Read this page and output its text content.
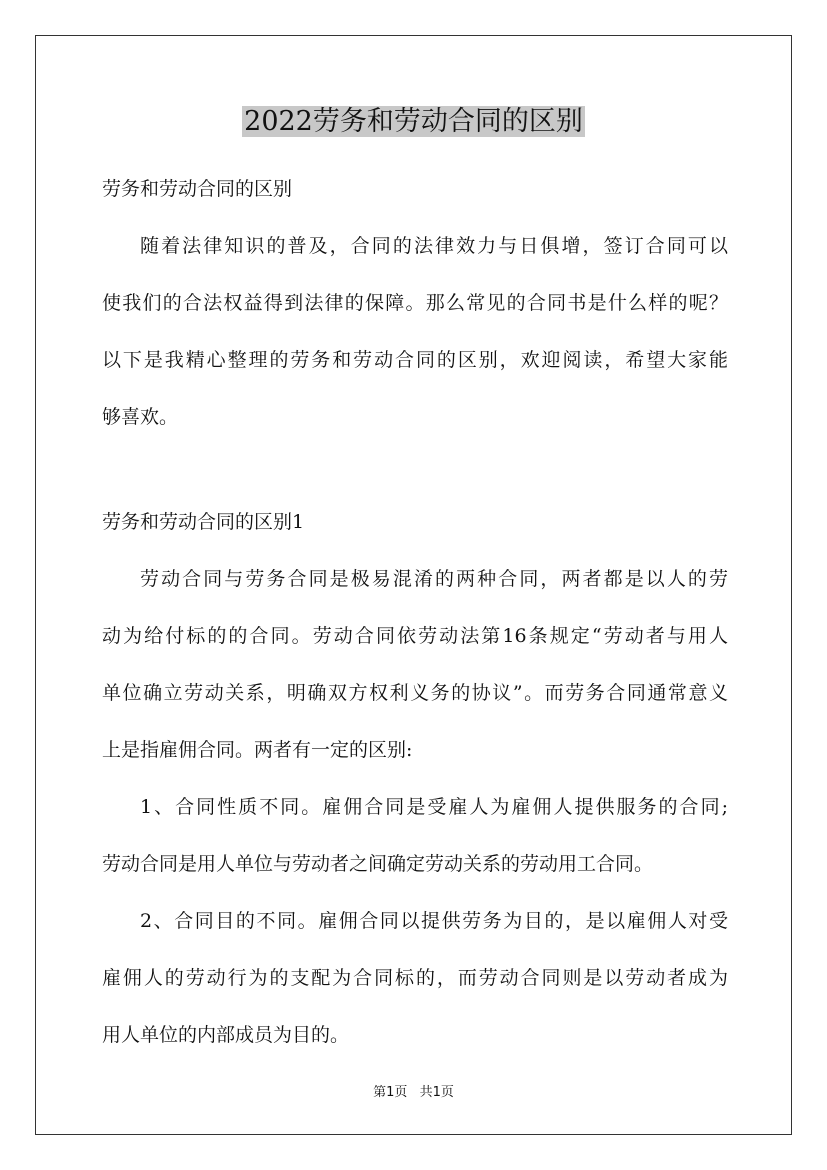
2022劳务和劳动合同的区别
劳务和劳动合同的区别
随着法律知识的普及，合同的法律效力与日俱增，签订合同可以
使我们的合法权益得到法律的保障。那么常见的合同书是什么样的呢？
以下是我精心整理的劳务和劳动合同的区别，欢迎阅读，希望大家能
够喜欢。
劳务和劳动合同的区别1
劳动合同与劳务合同是极易混淆的两种合同，两者都是以人的劳
动为给付标的的合同。劳动合同依劳动法第16条规定“劳动者与用人
单位确立劳动关系，明确双方权利义务的协议”。而劳务合同通常意义
上是指雇佣合同。两者有一定的区别:
1、合同性质不同。雇佣合同是受雇人为雇佣人提供服务的合同;
劳动合同是用人单位与劳动者之间确定劳动关系的劳动用工合同。
2、合同目的不同。雇佣合同以提供劳务为目的，是以雇佣人对受
雇佣人的劳动行为的支配为合同标的，而劳动合同则是以劳动者成为
用人单位的内部成员为目的。
第1页 共1页
